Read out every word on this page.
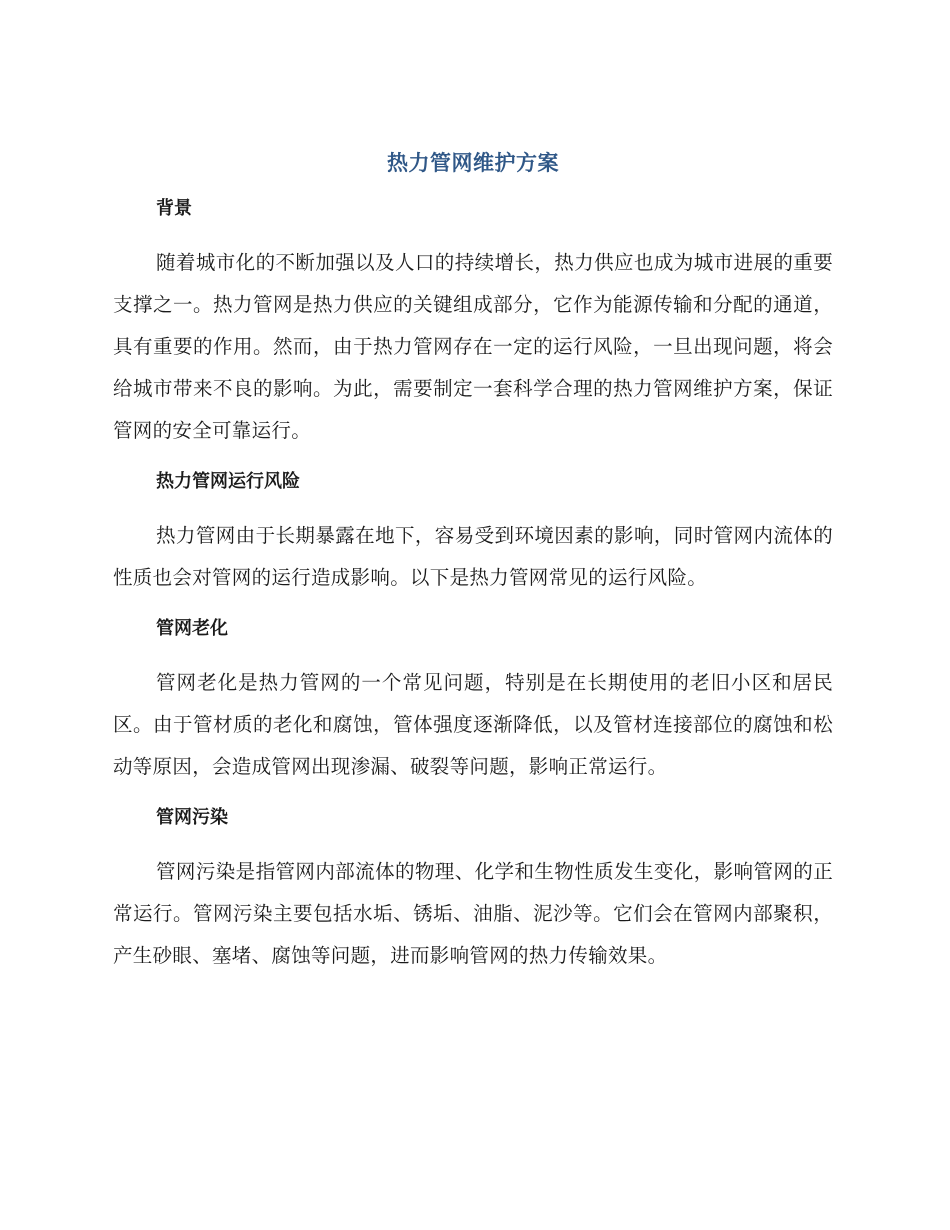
热力管网维护方案
背景

随着城市化的不断加强以及人口的持续增长，热力供应也成为城市进展的重要支撑之一。热力管网是热力供应的关键组成部分，它作为能源传输和分配的通道，具有重要的作用。然而，由于热力管网存在一定的运行风险，一旦出现问题，将会给城市带来不良的影响。为此，需要制定一套科学合理的热力管网维护方案，保证管网的安全可靠运行。

热力管网运行风险

热力管网由于长期暴露在地下，容易受到环境因素的影响，同时管网内流体的性质也会对管网的运行造成影响。以下是热力管网常见的运行风险。

管网老化

管网老化是热力管网的一个常见问题，特别是在长期使用的老旧小区和居民区。由于管材质的老化和腐蚀，管体强度逐渐降低，以及管材连接部位的腐蚀和松动等原因，会造成管网出现渗漏、破裂等问题，影响正常运行。

管网污染

管网污染是指管网内部流体的物理、化学和生物性质发生变化，影响管网的正常运行。管网污染主要包括水垢、锈垢、油脂、泥沙等。它们会在管网内部聚积，产生砂眼、塞堵、腐蚀等问题，进而影响管网的热力传输效果。
